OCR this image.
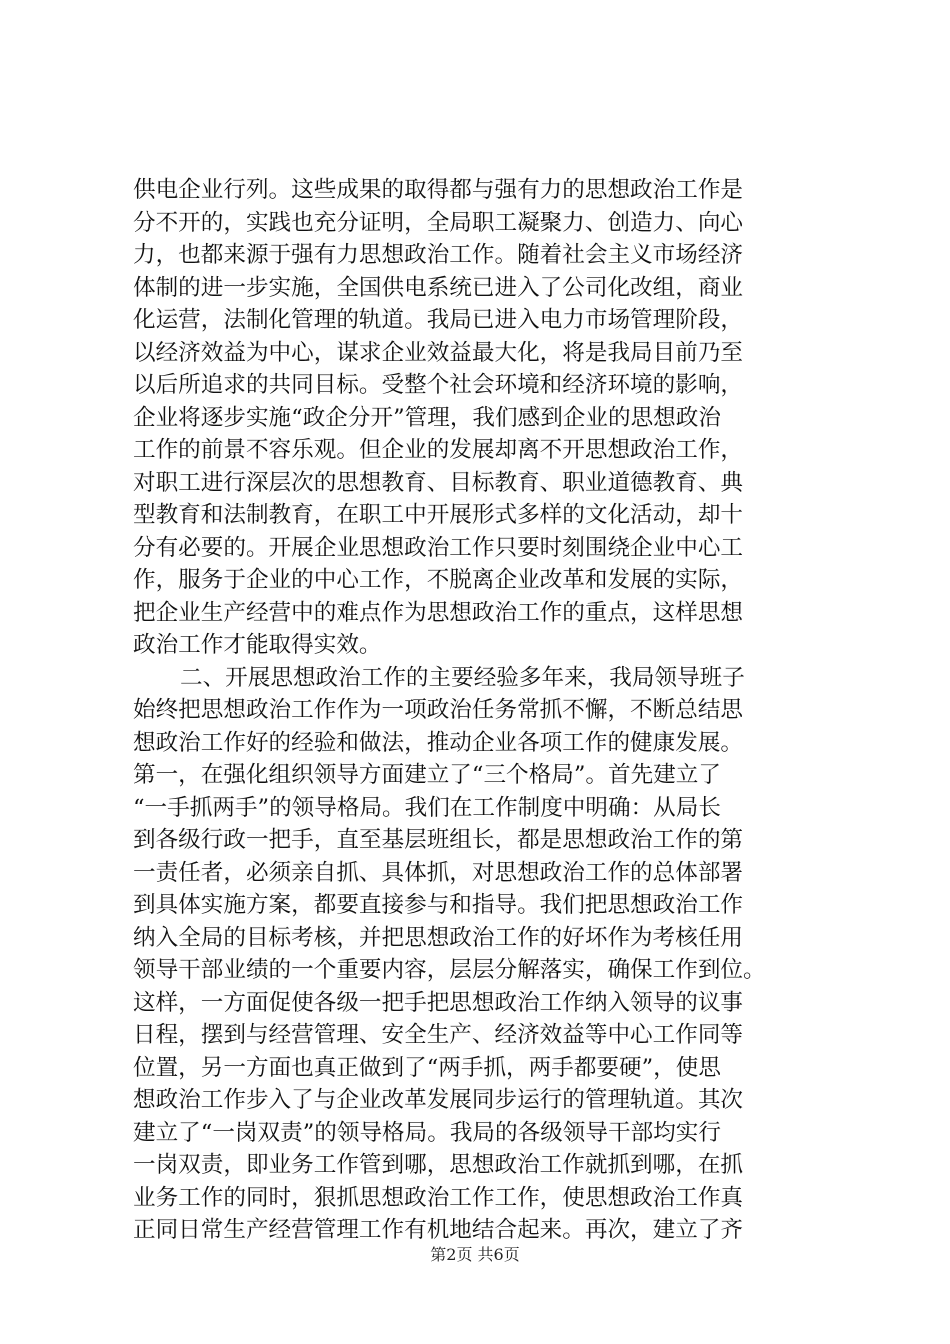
供电企业行列。这些成果的取得都与强有力的思想政治工作是
分不开的，实践也充分证明，全局职工凝聚力、创造力、向心
力，也都来源于强有力思想政治工作。随着社会主义市场经济
体制的进一步实施，全国供电系统已进入了公司化改组，商业
化运营，法制化管理的轨道。我局已进入电力市场管理阶段，
以经济效益为中心，谋求企业效益最大化，将是我局目前乃至
以后所追求的共同目标。受整个社会环境和经济环境的影响，
企业将逐步实施“政企分开”管理，我们感到企业的思想政治
工作的前景不容乐观。但企业的发展却离不开思想政治工作，
对职工进行深层次的思想教育、目标教育、职业道德教育、典
型教育和法制教育，在职工中开展形式多样的文化活动，却十
分有必要的。开展企业思想政治工作只要时刻围绕企业中心工
作，服务于企业的中心工作，不脱离企业改革和发展的实际，
把企业生产经营中的难点作为思想政治工作的重点，这样思想
政治工作才能取得实效。
二、开展思想政治工作的主要经验多年来，我局领导班子
始终把思想政治工作作为一项政治任务常抓不懈，不断总结思
想政治工作好的经验和做法，推动企业各项工作的健康发展。
第一，在强化组织领导方面建立了“三个格局”。首先建立了
“一手抓两手”的领导格局。我们在工作制度中明确：从局长
到各级行政一把手，直至基层班组长，都是思想政治工作的第
一责任者，必须亲自抓、具体抓，对思想政治工作的总体部署
到具体实施方案，都要直接参与和指导。我们把思想政治工作
纳入全局的目标考核，并把思想政治工作的好坏作为考核任用
领导干部业绩的一个重要内容，层层分解落实，确保工作到位。
这样，一方面促使各级一把手把思想政治工作纳入领导的议事
日程，摆到与经营管理、安全生产、经济效益等中心工作同等
位置，另一方面也真正做到了“两手抓，两手都要硬”，使思
想政治工作步入了与企业改革发展同步运行的管理轨道。其次
建立了“一岗双责”的领导格局。我局的各级领导干部均实行
一岗双责，即业务工作管到哪，思想政治工作就抓到哪，在抓
业务工作的同时，狠抓思想政治工作工作，使思想政治工作真
正同日常生产经营管理工作有机地结合起来。再次，建立了齐
第2页 共6页
